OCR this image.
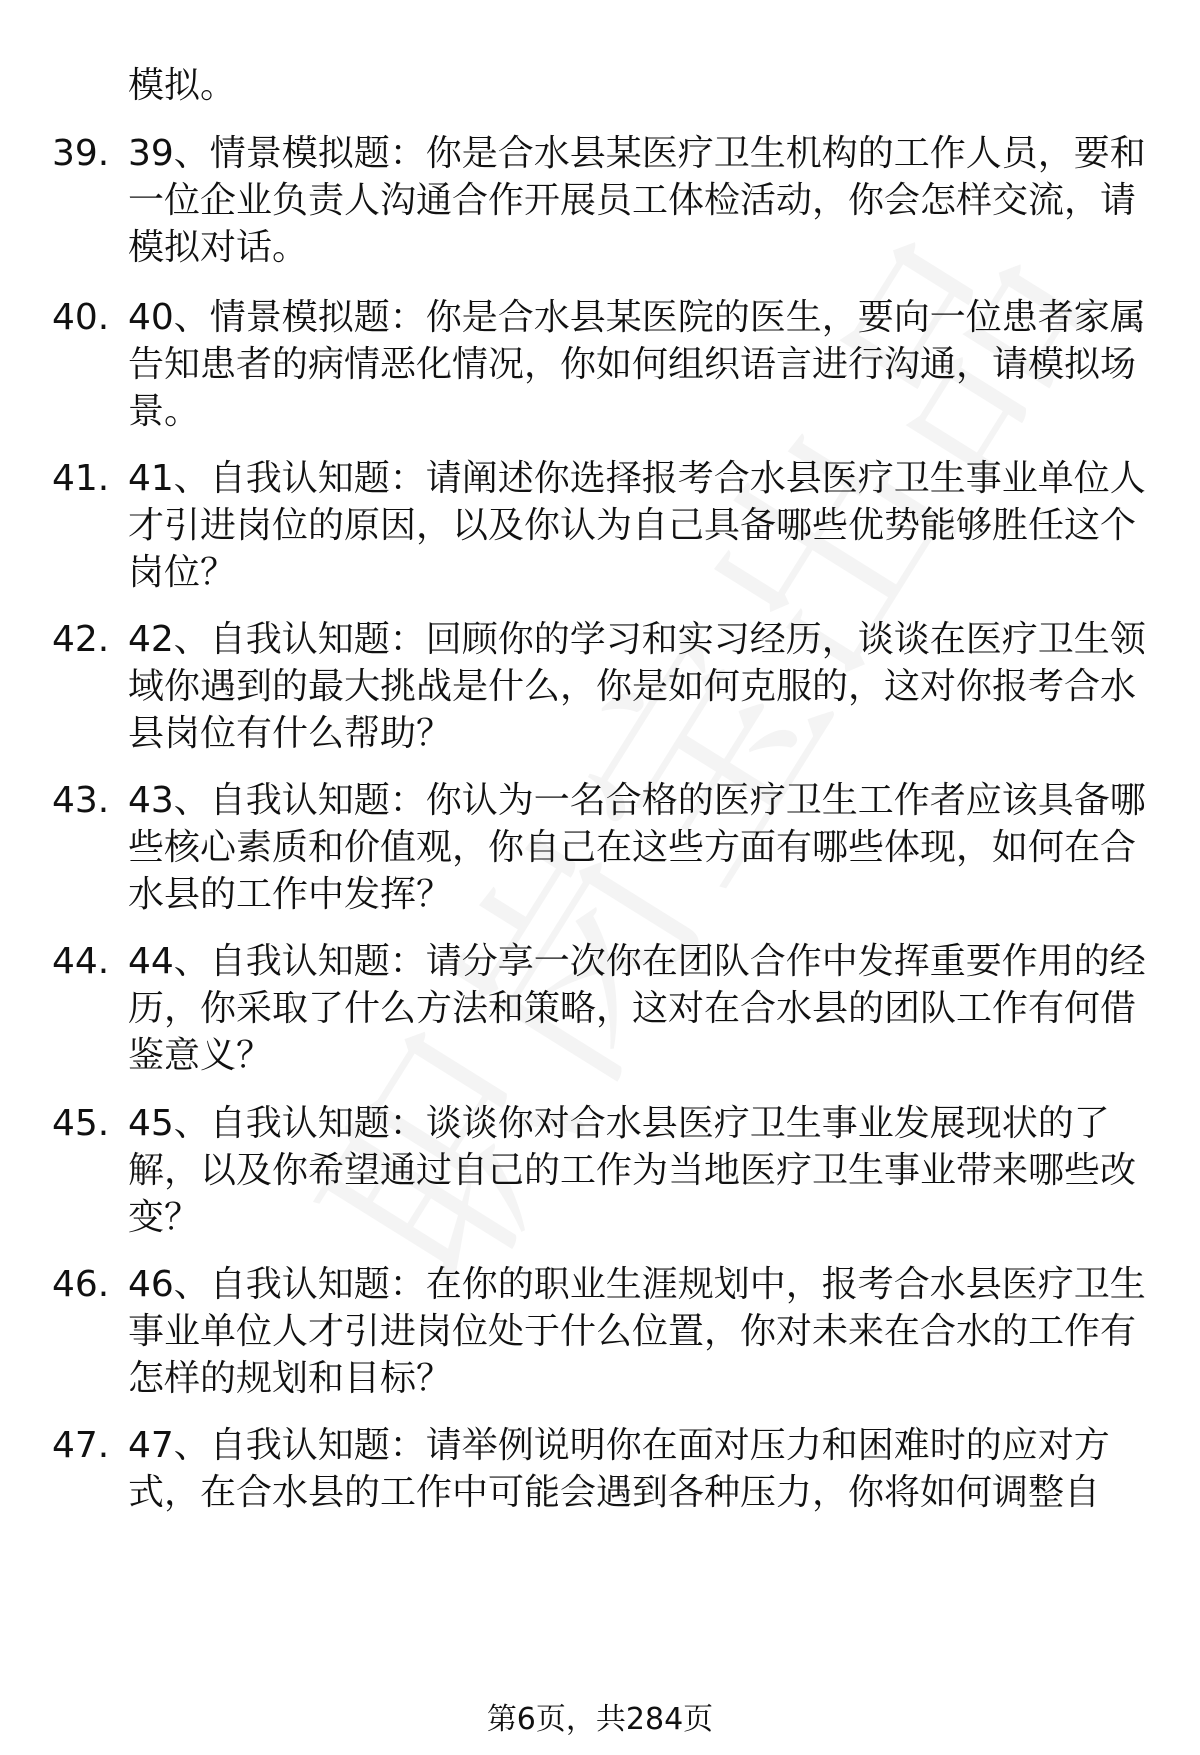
模拟。
39. 39、情景模拟题：你是合水县某医疗卫生机构的工作人员，要和一位企业负责人沟通合作开展员工体检活动，你会怎样交流，请模拟对话。
40. 40、情景模拟题：你是合水县某医院的医生，要向一位患者家属告知患者的病情恶化情况，你如何组织语言进行沟通，请模拟场景。
41. 41、自我认知题：请阐述你选择报考合水县医疗卫生事业单位人才引进岗位的原因，以及你认为自己具备哪些优势能够胜任这个岗位？
42. 42、自我认知题：回顾你的学习和实习经历，谈谈在医疗卫生领域你遇到的最大挑战是什么，你是如何克服的，这对你报考合水县岗位有什么帮助？
43. 43、自我认知题：你认为一名合格的医疗卫生工作者应该具备哪些核心素质和价值观，你自己在这些方面有哪些体现，如何在合水县的工作中发挥？
44. 44、自我认知题：请分享一次你在团队合作中发挥重要作用的经历，你采取了什么方法和策略，这对在合水县的团队工作有何借鉴意义？
45. 45、自我认知题：谈谈你对合水县医疗卫生事业发展现状的了解，以及你希望通过自己的工作为当地医疗卫生事业带来哪些改变？
46. 46、自我认知题：在你的职业生涯规划中，报考合水县医疗卫生事业单位人才引进岗位处于什么位置，你对未来在合水的工作有怎样的规划和目标？
47. 47、自我认知题：请举例说明你在面对压力和困难时的应对方式，在合水县的工作中可能会遇到各种压力，你将如何调整自
第6页，共284页
